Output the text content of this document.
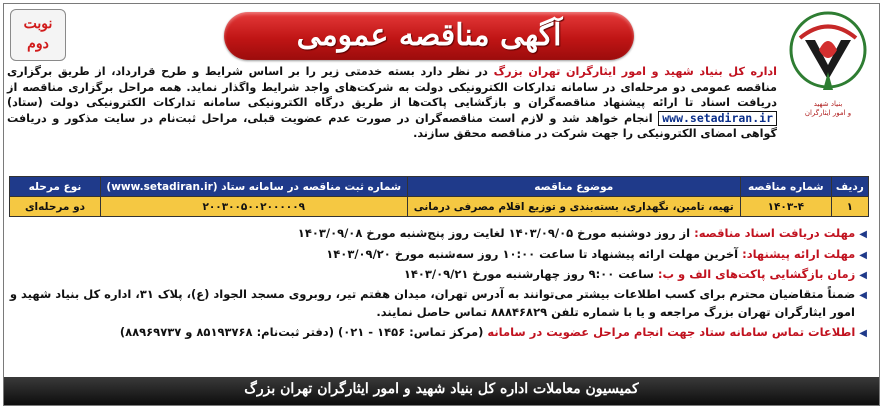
بنیاد شهید
و امور ایثارگران
آگهی مناقصه عمومی
نوبت
دوم
اداره کل بنیاد شهید و امور ایثارگران تهران بزرگ در نظر دارد بسته خدمتی زیر را بر اساس شرایط و طرح قرارداد، از طریق برگزاری مناقصه عمومی دو مرحله‌ای در سامانه تدارکات الکترونیکی دولت به شرکت‌های واجد شرایط واگذار نماید. همه مراحل برگزاری مناقصه از دریافت اسناد تا ارائه پیشنهاد مناقصه‌گران و بازگشایی پاکت‌ها از طریق درگاه الکترونیکی سامانه تدارکات الکترونیکی دولت (ستاد) www.setadiran.ir انجام خواهد شد و لازم است مناقصه‌گران در صورت عدم عضویت قبلی، مراحل ثبت‌نام در سایت مذکور و دریافت گواهی امضای الکترونیکی را جهت شرکت در مناقصه محقق سازند.
ردیف	شماره مناقصه	موضوع مناقصه	شماره ثبت مناقصه در سامانه ستاد (www.setadiran.ir)	نوع مرحله
۱	۱۴۰۳-۴	تهیه، تامین، نگهداری، بسته‌بندی و توزیع اقلام مصرفی درمانی	۲۰۰۳۰۰۵۰۰۲۰۰۰۰۰۹	دو مرحله‌ای
◀مهلت دریافت اسناد مناقصه: از روز دوشنبه مورخ ۱۴۰۳/۰۹/۰۵ لغایت روز پنج‌شنبه مورخ ۱۴۰۳/۰۹/۰۸
◀مهلت ارائه پیشنهاد: آخرین مهلت ارائه پیشنهاد تا ساعت ۱۰:۰۰ روز سه‌شنبه مورخ ۱۴۰۳/۰۹/۲۰
◀زمان بازگشایی پاکت‌های الف و ب: ساعت ۹:۰۰ روز چهارشنبه مورخ ۱۴۰۳/۰۹/۲۱
◀ضمناً متقاضیان محترم برای کسب اطلاعات بیشتر می‌توانند به آدرس تهران، میدان هفتم تیر، روبروی مسجد الجواد (ع)، پلاک ۳۱، اداره کل بنیاد شهید و امور ایثارگران تهران بزرگ مراجعه و یا با شماره تلفن ۸۸۸۴۶۸۲۹ تماس حاصل نمایند.
◀اطلاعات تماس سامانه ستاد جهت انجام مراحل عضویت در سامانه (مرکز تماس: ۱۴۵۶ - ۰۲۱) (دفتر ثبت‌نام: ۸۵۱۹۳۷۶۸ و ۸۸۹۶۹۷۳۷)
کمیسیون معاملات اداره کل بنیاد شهید و امور ایثارگران تهران بزرگ
